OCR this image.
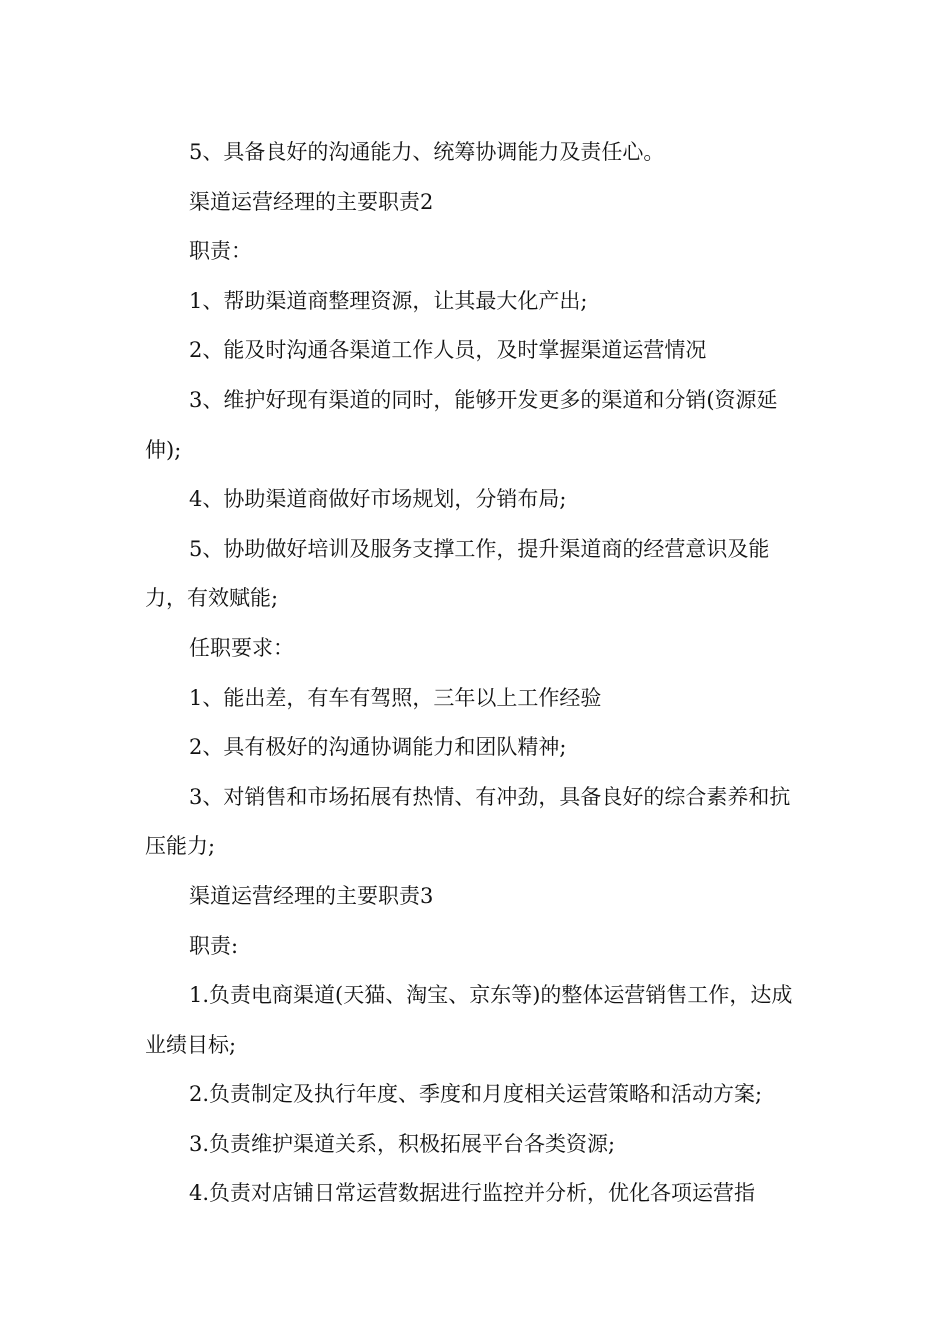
5、具备良好的沟通能力、统筹协调能力及责任心。

渠道运营经理的主要职责2

职责：

1、帮助渠道商整理资源，让其最大化产出;

2、能及时沟通各渠道工作人员，及时掌握渠道运营情况

3、维护好现有渠道的同时，能够开发更多的渠道和分销(资源延伸);

4、协助渠道商做好市场规划，分销布局;

5、协助做好培训及服务支撑工作，提升渠道商的经营意识及能力，有效赋能;

任职要求：

1、能出差，有车有驾照，三年以上工作经验

2、具有极好的沟通协调能力和团队精神;

3、对销售和市场拓展有热情、有冲劲，具备良好的综合素养和抗压能力;

渠道运营经理的主要职责3

职责:

1.负责电商渠道(天猫、淘宝、京东等)的整体运营销售工作，达成业绩目标;

2.负责制定及执行年度、季度和月度相关运营策略和活动方案;

3.负责维护渠道关系，积极拓展平台各类资源;

4.负责对店铺日常运营数据进行监控并分析，优化各项运营指
